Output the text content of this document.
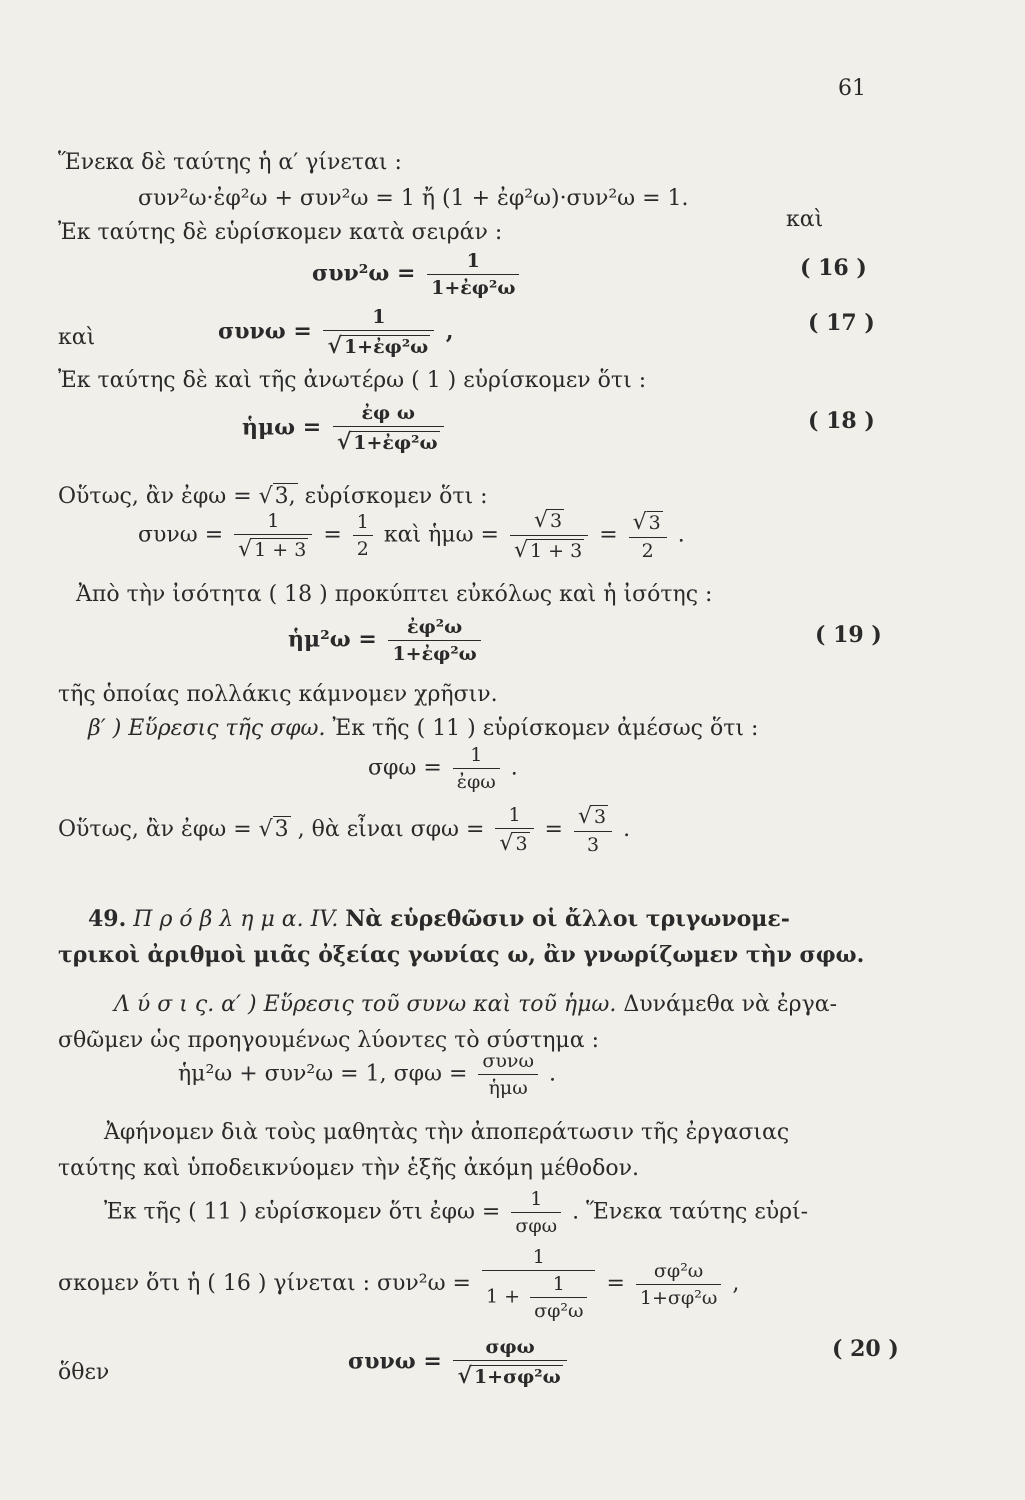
61
Ἕνεκα δὲ ταύτης ἡ α′ γίνεται :
συν²ω·ἐφ²ω + συν²ω = 1 ἤ (1 + ἐφ²ω)·συν²ω = 1.
Ἐκ ταύτης δὲ εὑρίσκομεν κατὰ σειράν :
καὶ
$\sigma\upsilon\nu^2\omega = \frac{1}{\text{1+ἐφ²ω}}$	( 16 )
καὶ	$\sigma\upsilon\nu\omega = \frac{1}{\text{√ 1+ἐφ²ω}}$ ,	( 17 )
Ἐκ ταύτης δὲ καὶ τῆς ἀνωτέρω ( 1 ) εὑρίσκομεν ὅτι :
ἡμω = $\frac{\text{ἐφ ω}}{\text{√ 1+ἐφ²ω}}$	( 18 )
Οὕτως, ἂν ἐφω = √3, εὑρίσκομεν ὅτι :
$\sigma\upsilon\nu\omega = \frac{1}{√ 1 + 3} = \frac{1}{2}$ καὶ ἡμω = $\frac{√ 3}{√ 1 + 3} = \frac{√ 3}{2}$ .
Ἀπὸ τὴν ἰσότητα ( 18 ) προκύπτει εὐκόλως καὶ ἡ ἰσότης :
ἡμ²ω = $\frac{\text{ἐφ²ω}}{\text{1+ἐφ²ω}}$	( 19 )
τῆς ὁποίας πολλάκις κάμνομεν χρῆσιν.
β′ ) Εὕρεσις τῆς σφω. Ἐκ τῆς ( 11 ) εὑρίσκομεν ἀμέσως ὅτι :
$\sigma\varphi\omega = \frac{1}{\text{ἐφω}}$ .
Οὕτως, ἂν ἐφω = √3 , θὰ εἶναι $\sigma\varphi\omega = \frac{1}{√ 3} = \frac{√ 3}{3}$ .
49. Π ρ ό β λ η μ α. IV. Νὰ εὑρεθῶσιν οἱ ἄλλοι τριγωνομε-
τρικοὶ ἀριθμοὶ μιᾶς ὀξείας γωνίας ω, ἂν γνωρίζωμεν τὴν σφω.
Λ ύ σ ι ς. α′ ) Εὕρεσις τοῦ συνω καὶ τοῦ ἡμω. Δυνάμεθα νὰ ἐργα-
σθῶμεν ὡς προηγουμένως λύοντες τὸ σύστημα :
ἡμ²ω + συν²ω = 1, $\sigma\varphi\omega = \frac{\text{συνω}}{\text{ἡμω}}$ .
Ἀφήνομεν διὰ τοὺς μαθητὰς τὴν ἀποπεράτωσιν τῆς ἐργασιας
ταύτης καὶ ὑποδεικνύομεν τὴν ἑξῆς ἀκόμη μέθοδον.
Ἐκ τῆς ( 11 ) εὑρίσκομεν ὅτι ἐφω = $\frac{1}{\text{σφω}}$ . Ἕνεκα ταύτης εὑρί-
σκομεν ὅτι ἡ ( 16 ) γίνεται : $\sigma\upsilon\nu^2\omega = \frac{1}{1 + \frac{1}{\text{σφ²ω}}} = \frac{\text{σφ²ω}}{\text{1+σφ²ω}}$ ,
ὅθεν	$\sigma\upsilon\nu\omega = \frac{\text{σφω}}{\text{√ 1+σφ²ω}}$	( 20 )
